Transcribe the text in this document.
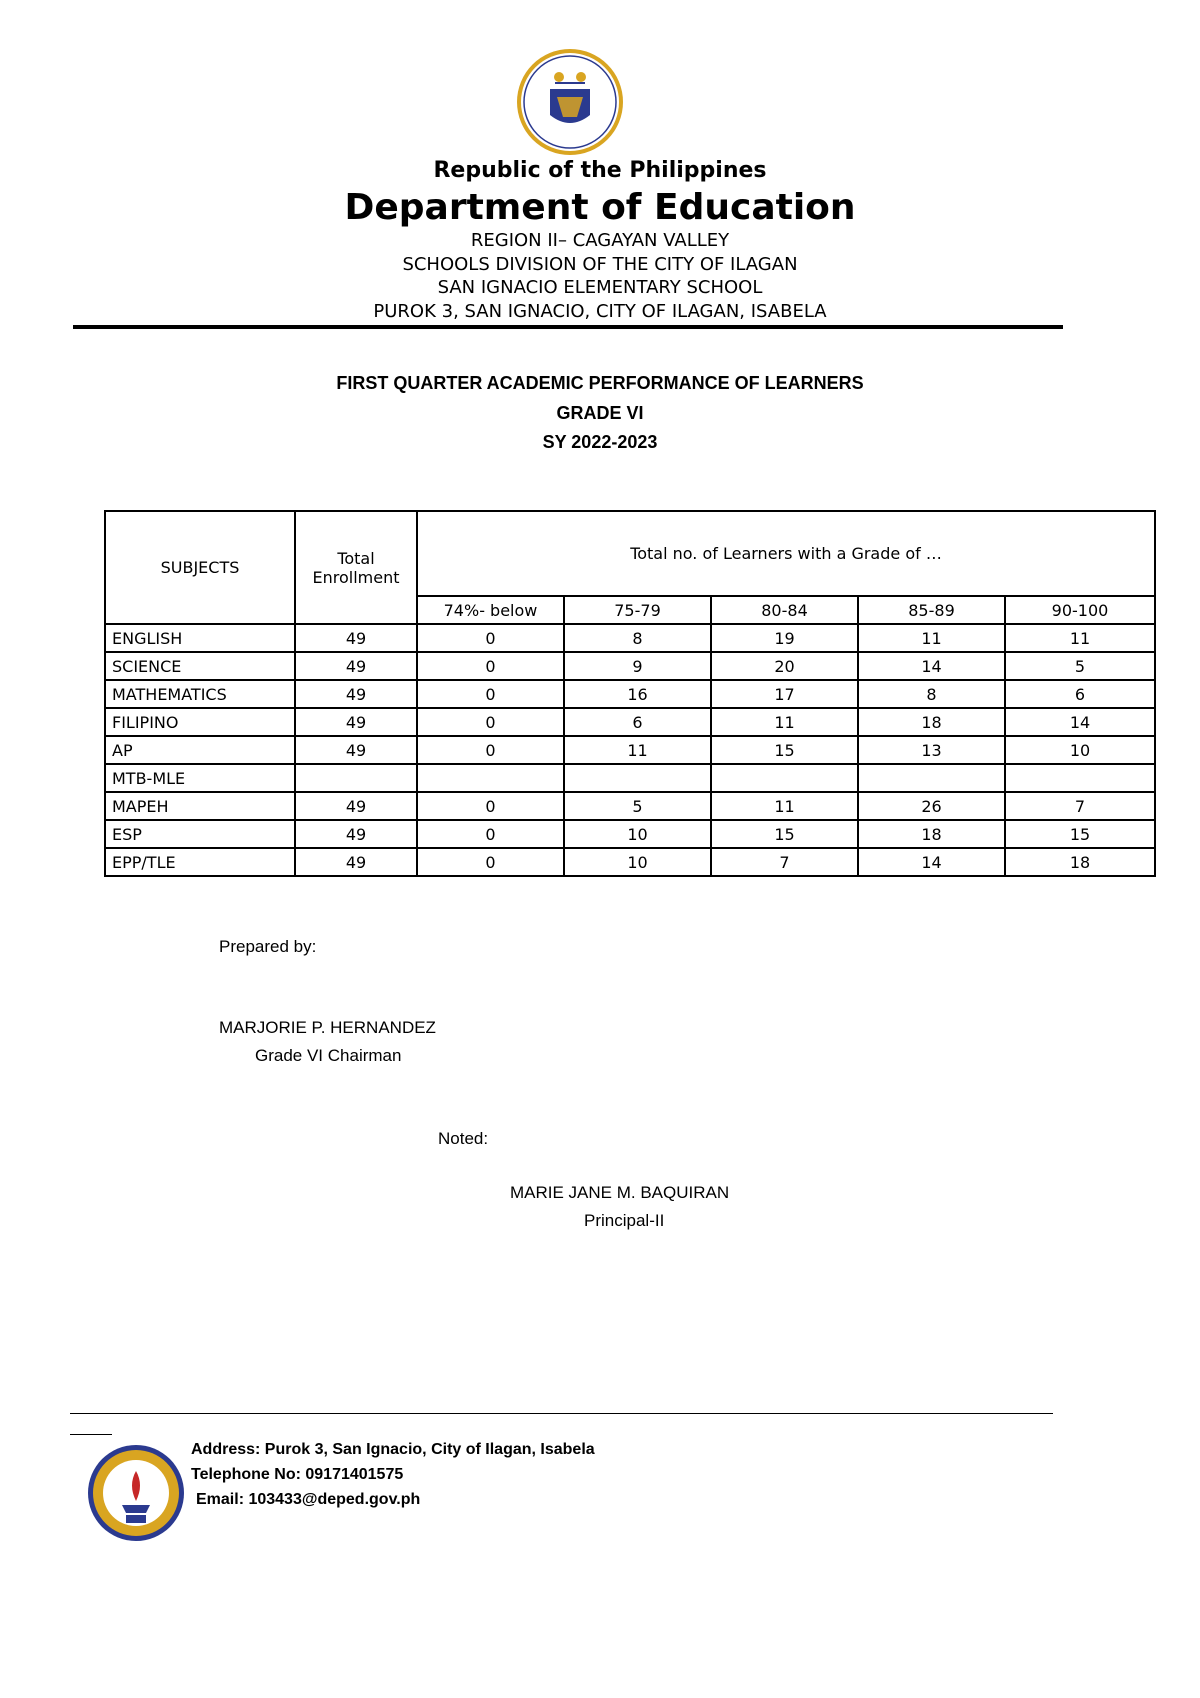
Republic of the Philippines
Department of Education
REGION II– CAGAYAN VALLEY
SCHOOLS DIVISION OF THE CITY OF ILAGAN
SAN IGNACIO ELEMENTARY SCHOOL
PUROK 3, SAN IGNACIO, CITY OF ILAGAN, ISABELA
FIRST QUARTER ACADEMIC PERFORMANCE OF LEARNERS
GRADE VI
SY 2022-2023
SUBJECTS	Total Enrollment	Total no. of Learners with a Grade of …				
		74%- below	75-79	80-84	85-89	90-100
ENGLISH	49	0	8	19	11	11
SCIENCE	49	0	9	20	14	5
MATHEMATICS	49	0	16	17	8	6
FILIPINO	49	0	6	11	18	14
AP	49	0	11	15	13	10
MTB-MLE						
MAPEH	49	0	5	11	26	7
ESP	49	0	10	15	18	15
EPP/TLE	49	0	10	7	14	18
Prepared by:
MARJORIE P. HERNANDEZ
Grade VI Chairman
Noted:
MARIE JANE M. BAQUIRAN
Principal-II
Address: Purok 3, San Ignacio, City of Ilagan, Isabela
Telephone No: 09171401575
Email: 103433@deped.gov.ph
